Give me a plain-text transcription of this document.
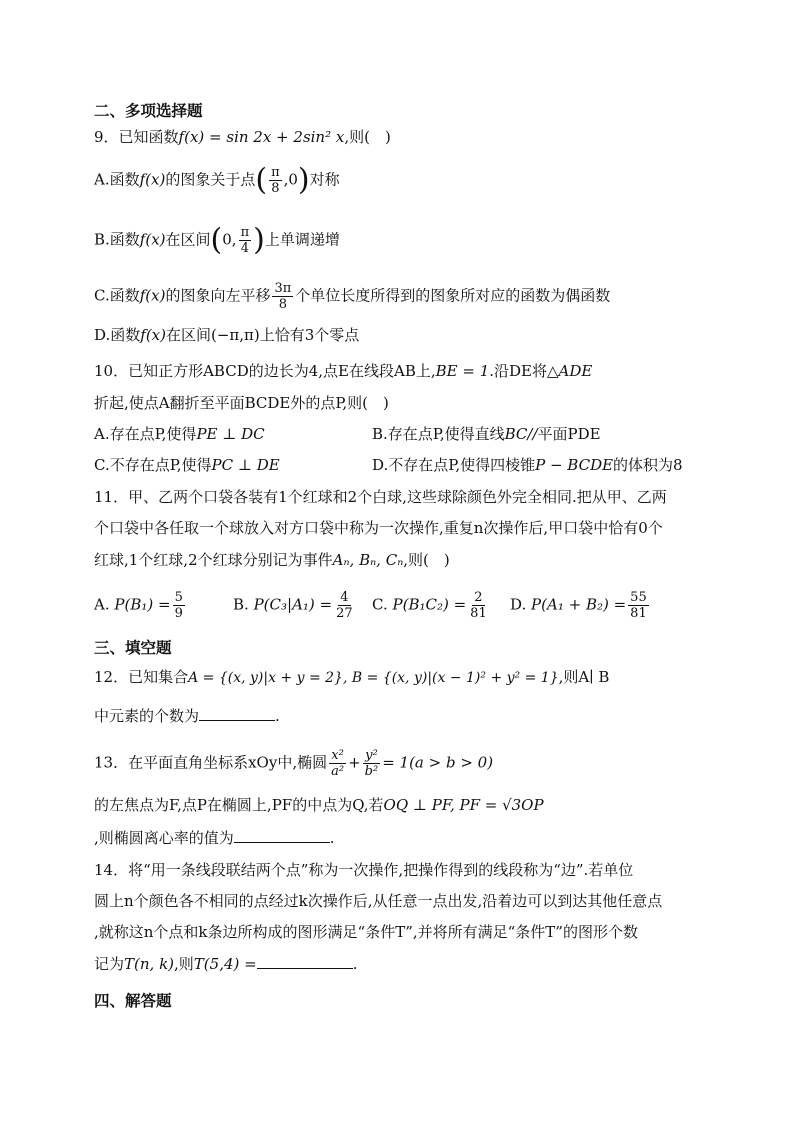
二、多项选择题
9．已知函数f(x) = sin 2x + 2sin² x,则(　)
A.函数f(x)的图象关于点( $\frac{\pi}{8} ,0$)对称
B.函数f(x)在区间(0, $\frac{\pi}{4}$ )上单调递增
C.函数f(x)的图象向左平移 $\frac{3\pi}{8}$ 个单位长度所得到的图象所对应的函数为偶函数
D.函数f(x)在区间(−π,π)上恰有3个零点
10．已知正方形ABCD的边长为4,点E在线段AB上,BE = 1.沿DE将△ADE
折起,使点A翻折至平面BCDE外的点P,则(　)
A.存在点P,使得PE ⊥ DC	B.存在点P,使得直线BC//平面PDE
C.不存在点P,使得PC ⊥ DE	D.不存在点P,使得四棱锥P − BCDE的体积为8
11．甲、乙两个口袋各装有1个红球和2个白球,这些球除颜色外完全相同.把从甲、乙两
个口袋中各任取一个球放入对方口袋中称为一次操作,重复n次操作后,甲口袋中恰有0个
红球,1个红球,2个红球分别记为事件Aₙ, Bₙ, Cₙ,则(　)
A. $P(B_1) = \frac{5}{9}$	B. $P(C_3|A_1) = \frac{4}{27} C$. $P(B_1C_2) = \frac{2}{81} D$. $P(A_1 + B_2) = \frac{55}{81}$
三、填空题
12．已知集合A = {(x, y)|x + y = 2}, B = {(x, y)|(x − 1)² + y² = 1},则A∣ B
中元素的个数为	.
13．在平面直角坐标系xOy中,椭圆 $\frac{\text{x²}}{\text{a²}} + \frac{\text{y²}}{\text{b²}} = 1(a > b > 0)$
的左焦点为F,点P在椭圆上,PF的中点为Q,若OQ ⊥ PF, PF = √3OP
,则椭圆离心率的值为	.
14．将“用一条线段联结两个点”称为一次操作,把操作得到的线段称为“边”.若单位
圆上n个颜色各不相同的点经过k次操作后,从任意一点出发,沿着边可以到达其他任意点
,就称这n个点和k条边所构成的图形满足“条件T”,并将所有满足“条件T”的图形个数
记为T(n, k),则T(5,4) =	.
四、解答题
